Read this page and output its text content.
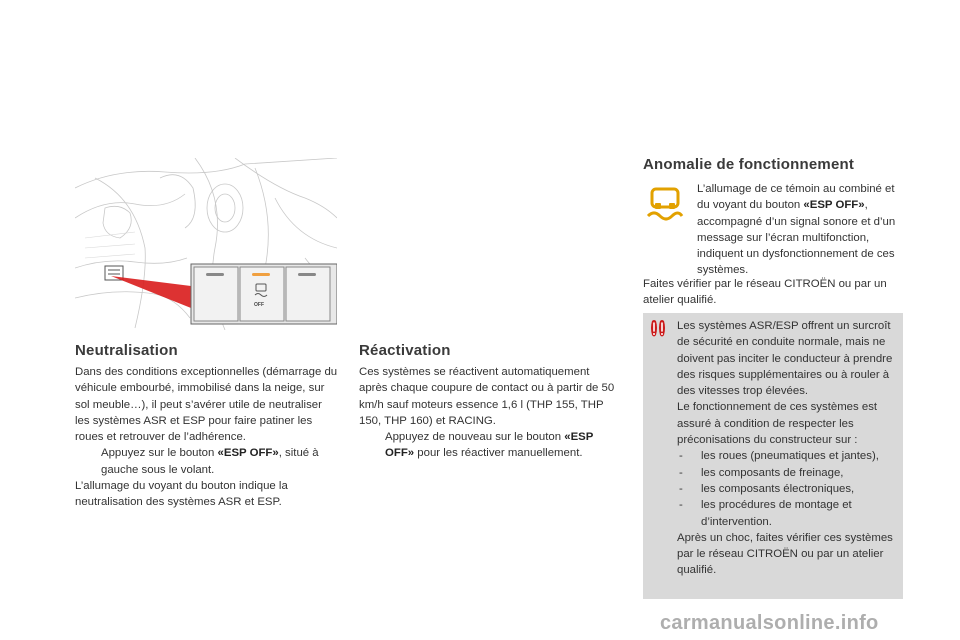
OFF
Neutralisation

Dans des conditions exceptionnelles (démarrage du véhicule embourbé, immobilisé dans la neige, sur sol meuble…), il peut s’avérer utile de neutraliser les systèmes ASR et ESP pour faire patiner les roues et retrouver de l’adhérence.

Appuyez sur le bouton «ESP OFF», situé à gauche sous le volant.

L’allumage du voyant du bouton indique la neutralisation des systèmes ASR et ESP.

Réactivation

Ces systèmes se réactivent automatiquement après chaque coupure de contact ou à partir de 50 km/h sauf moteurs essence 1,6 l (THP 155, THP 150, THP 160) et RACING.

Appuyez de nouveau sur le bouton «ESP OFF» pour les réactiver manuellement.
Anomalie de fonctionnement

L’allumage de ce témoin au combiné et du voyant du bouton «ESP OFF», accompagné d’un signal sonore et d’un message sur l’écran multifonction, indiquent un dysfonctionnement de ces systèmes.

Faites vérifier par le réseau CITROËN ou par un atelier qualifié.

Les systèmes ASR/ESP offrent un surcroît de sécurité en conduite normale, mais ne doivent pas inciter le conducteur à prendre des risques supplémentaires ou à rouler à des vitesses trop élevées.

Le fonctionnement de ces systèmes est assuré à condition de respecter les préconisations du constructeur sur :

-	les roues (pneumatiques et jantes),
-	les composants de freinage,
-	les composants électroniques,
-	les procédures de montage et d’intervention.

Après un choc, faites vérifier ces systèmes par le réseau CITROËN ou par un atelier qualifié.

carmanualsonline.info
